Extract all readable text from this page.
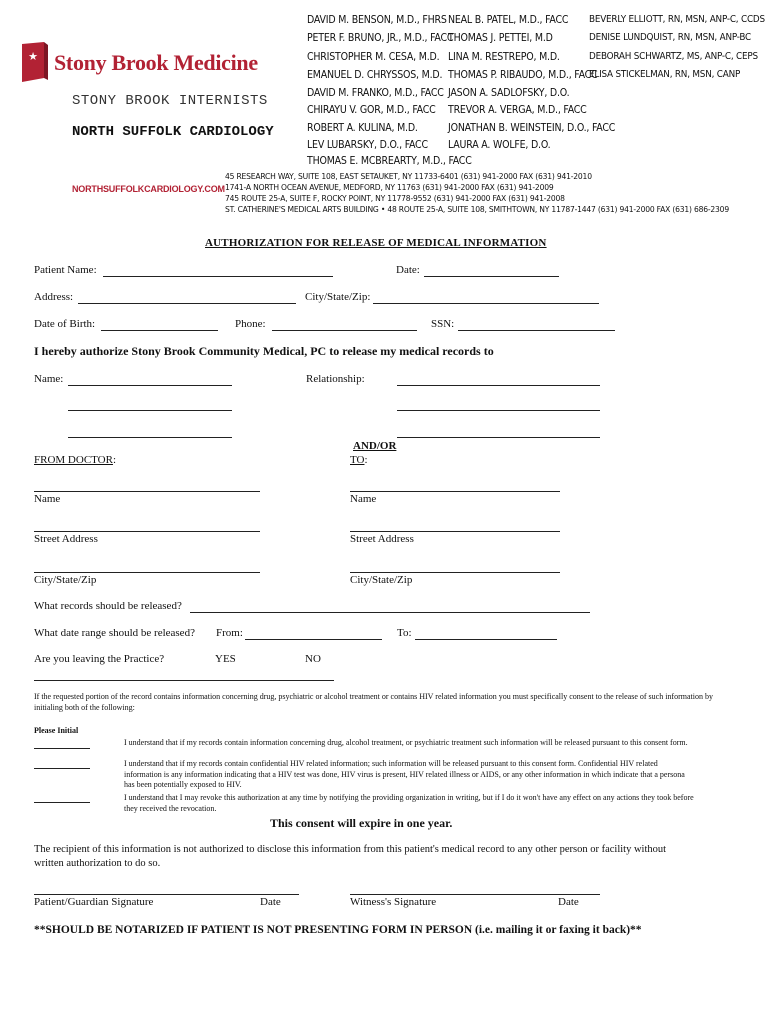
★ Stony Brook Medicine
STONY BROOK INTERNISTS
NORTH SUFFOLK CARDIOLOGY
NORTHSUFFOLKCARDIOLOGY.COM
DAVID M. BENSON, M.D., FHRS
PETER F. BRUNO, JR., M.D., FACC
CHRISTOPHER M. CESA, M.D.
EMANUEL D. CHRYSSOS, M.D.
DAVID M. FRANKO, M.D., FACC
CHIRAYU V. GOR, M.D., FACC
ROBERT A. KULINA, M.D.
LEV LUBARSKY, D.O., FACC
THOMAS E. MCBREARTY, M.D., FACC
NEAL B. PATEL, M.D., FACC
THOMAS J. PETTEI, M.D
LINA M. RESTREPO, M.D.
THOMAS P. RIBAUDO, M.D., FACC
JASON A. SADLOFSKY, D.O.
TREVOR A. VERGA, M.D., FACC
JONATHAN B. WEINSTEIN, D.O., FACC
LAURA A. WOLFE, D.O.
BEVERLY ELLIOTT, RN, MSN, ANP-C, CCDS
DENISE LUNDQUIST, RN, MSN, ANP-BC
DEBORAH SCHWARTZ, MS, ANP-C, CEPS
ELISA STICKELMAN, RN, MSN, CANP
45 RESEARCH WAY, SUITE 108, EAST SETAUKET, NY 11733-6401 (631) 941-2000 FAX (631) 941-2010
1741-A NORTH OCEAN AVENUE, MEDFORD, NY 11763 (631) 941-2000 FAX (631) 941-2009
745 ROUTE 25-A, SUITE F, ROCKY POINT, NY 11778-9552 (631) 941-2000 FAX (631) 941-2008
ST. CATHERINE'S MEDICAL ARTS BUILDING • 48 ROUTE 25-A, SUITE 108, SMITHTOWN, NY 11787-1447 (631) 941-2000 FAX (631) 686-2309
AUTHORIZATION FOR RELEASE OF MEDICAL INFORMATION
Patient Name:	Date:
Address:	City/State/Zip:
Date of Birth:	Phone:	SSN:
I hereby authorize Stony Brook Community Medical, PC to release my medical records to
Name:	Relationship:
AND/OR
FROM DOCTOR:	TO:
Name	Name
Street Address	Street Address
City/State/Zip	City/State/Zip
What records should be released?
What date range should be released? From:	To:
Are you leaving the Practice?	YES	NO
If the requested portion of the record contains information concerning drug, psychiatric or alcohol treatment or contains HIV related information you must specifically consent to the release of such information by initialing both of the following:
Please Initial
I understand that if my records contain information concerning drug, alcohol treatment, or psychiatric treatment such information will be released pursuant to this consent form.
I understand that if my records contain confidential HIV related information; such information will be released pursuant to this consent form. Confidential HIV related information is any information indicating that a HIV test was done, HIV virus is present, HIV related illness or AIDS, or any other information in which indicate that a persona has been potentially exposed to HIV.
I understand that I may revoke this authorization at any time by notifying the providing organization in writing, but if I do it won't have any effect on any actions they took before they received the revocation.
This consent will expire in one year.
The recipient of this information is not authorized to disclose this information from this patient's medical record to any other person or facility without written authorization to do so.
Patient/Guardian Signature	Date	Witness's Signature	Date
**SHOULD BE NOTARIZED IF PATIENT IS NOT PRESENTING FORM IN PERSON (i.e. mailing it or faxing it back)**
